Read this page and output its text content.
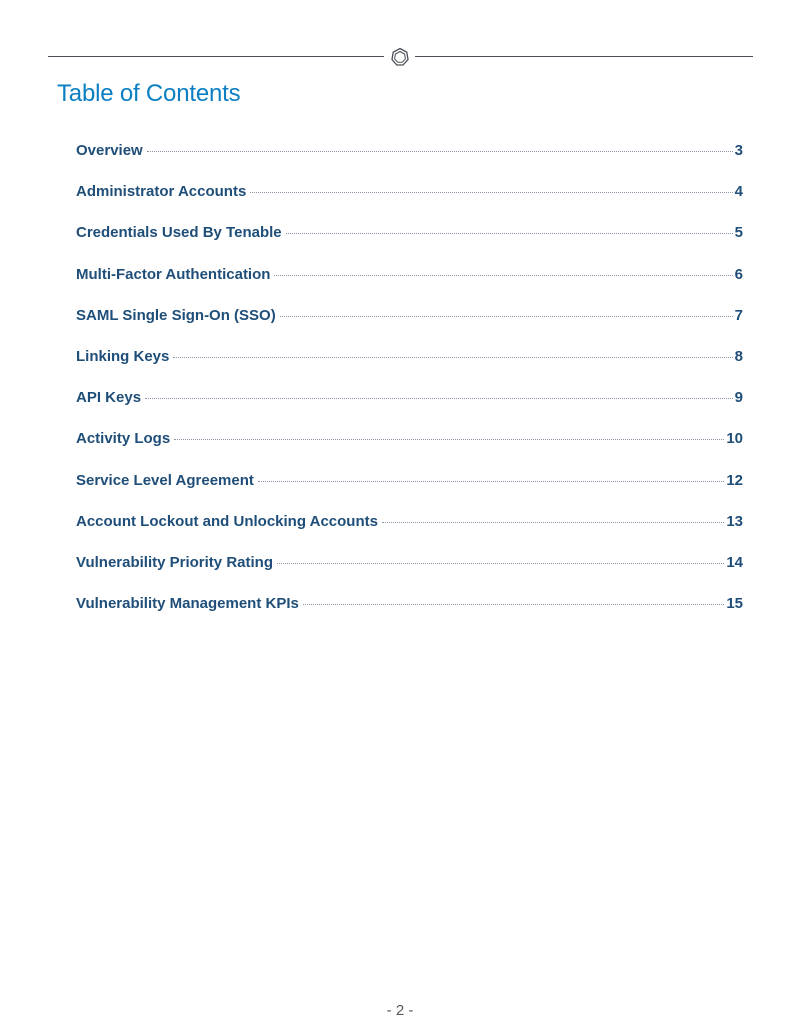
Table of Contents
Overview	3
Administrator Accounts	4
Credentials Used By Tenable	5
Multi-Factor Authentication	6
SAML Single Sign-On (SSO)	7
Linking Keys	8
API Keys	9
Activity Logs	10
Service Level Agreement	12
Account Lockout and Unlocking Accounts	13
Vulnerability Priority Rating	14
Vulnerability Management KPIs	15
- 2 -
